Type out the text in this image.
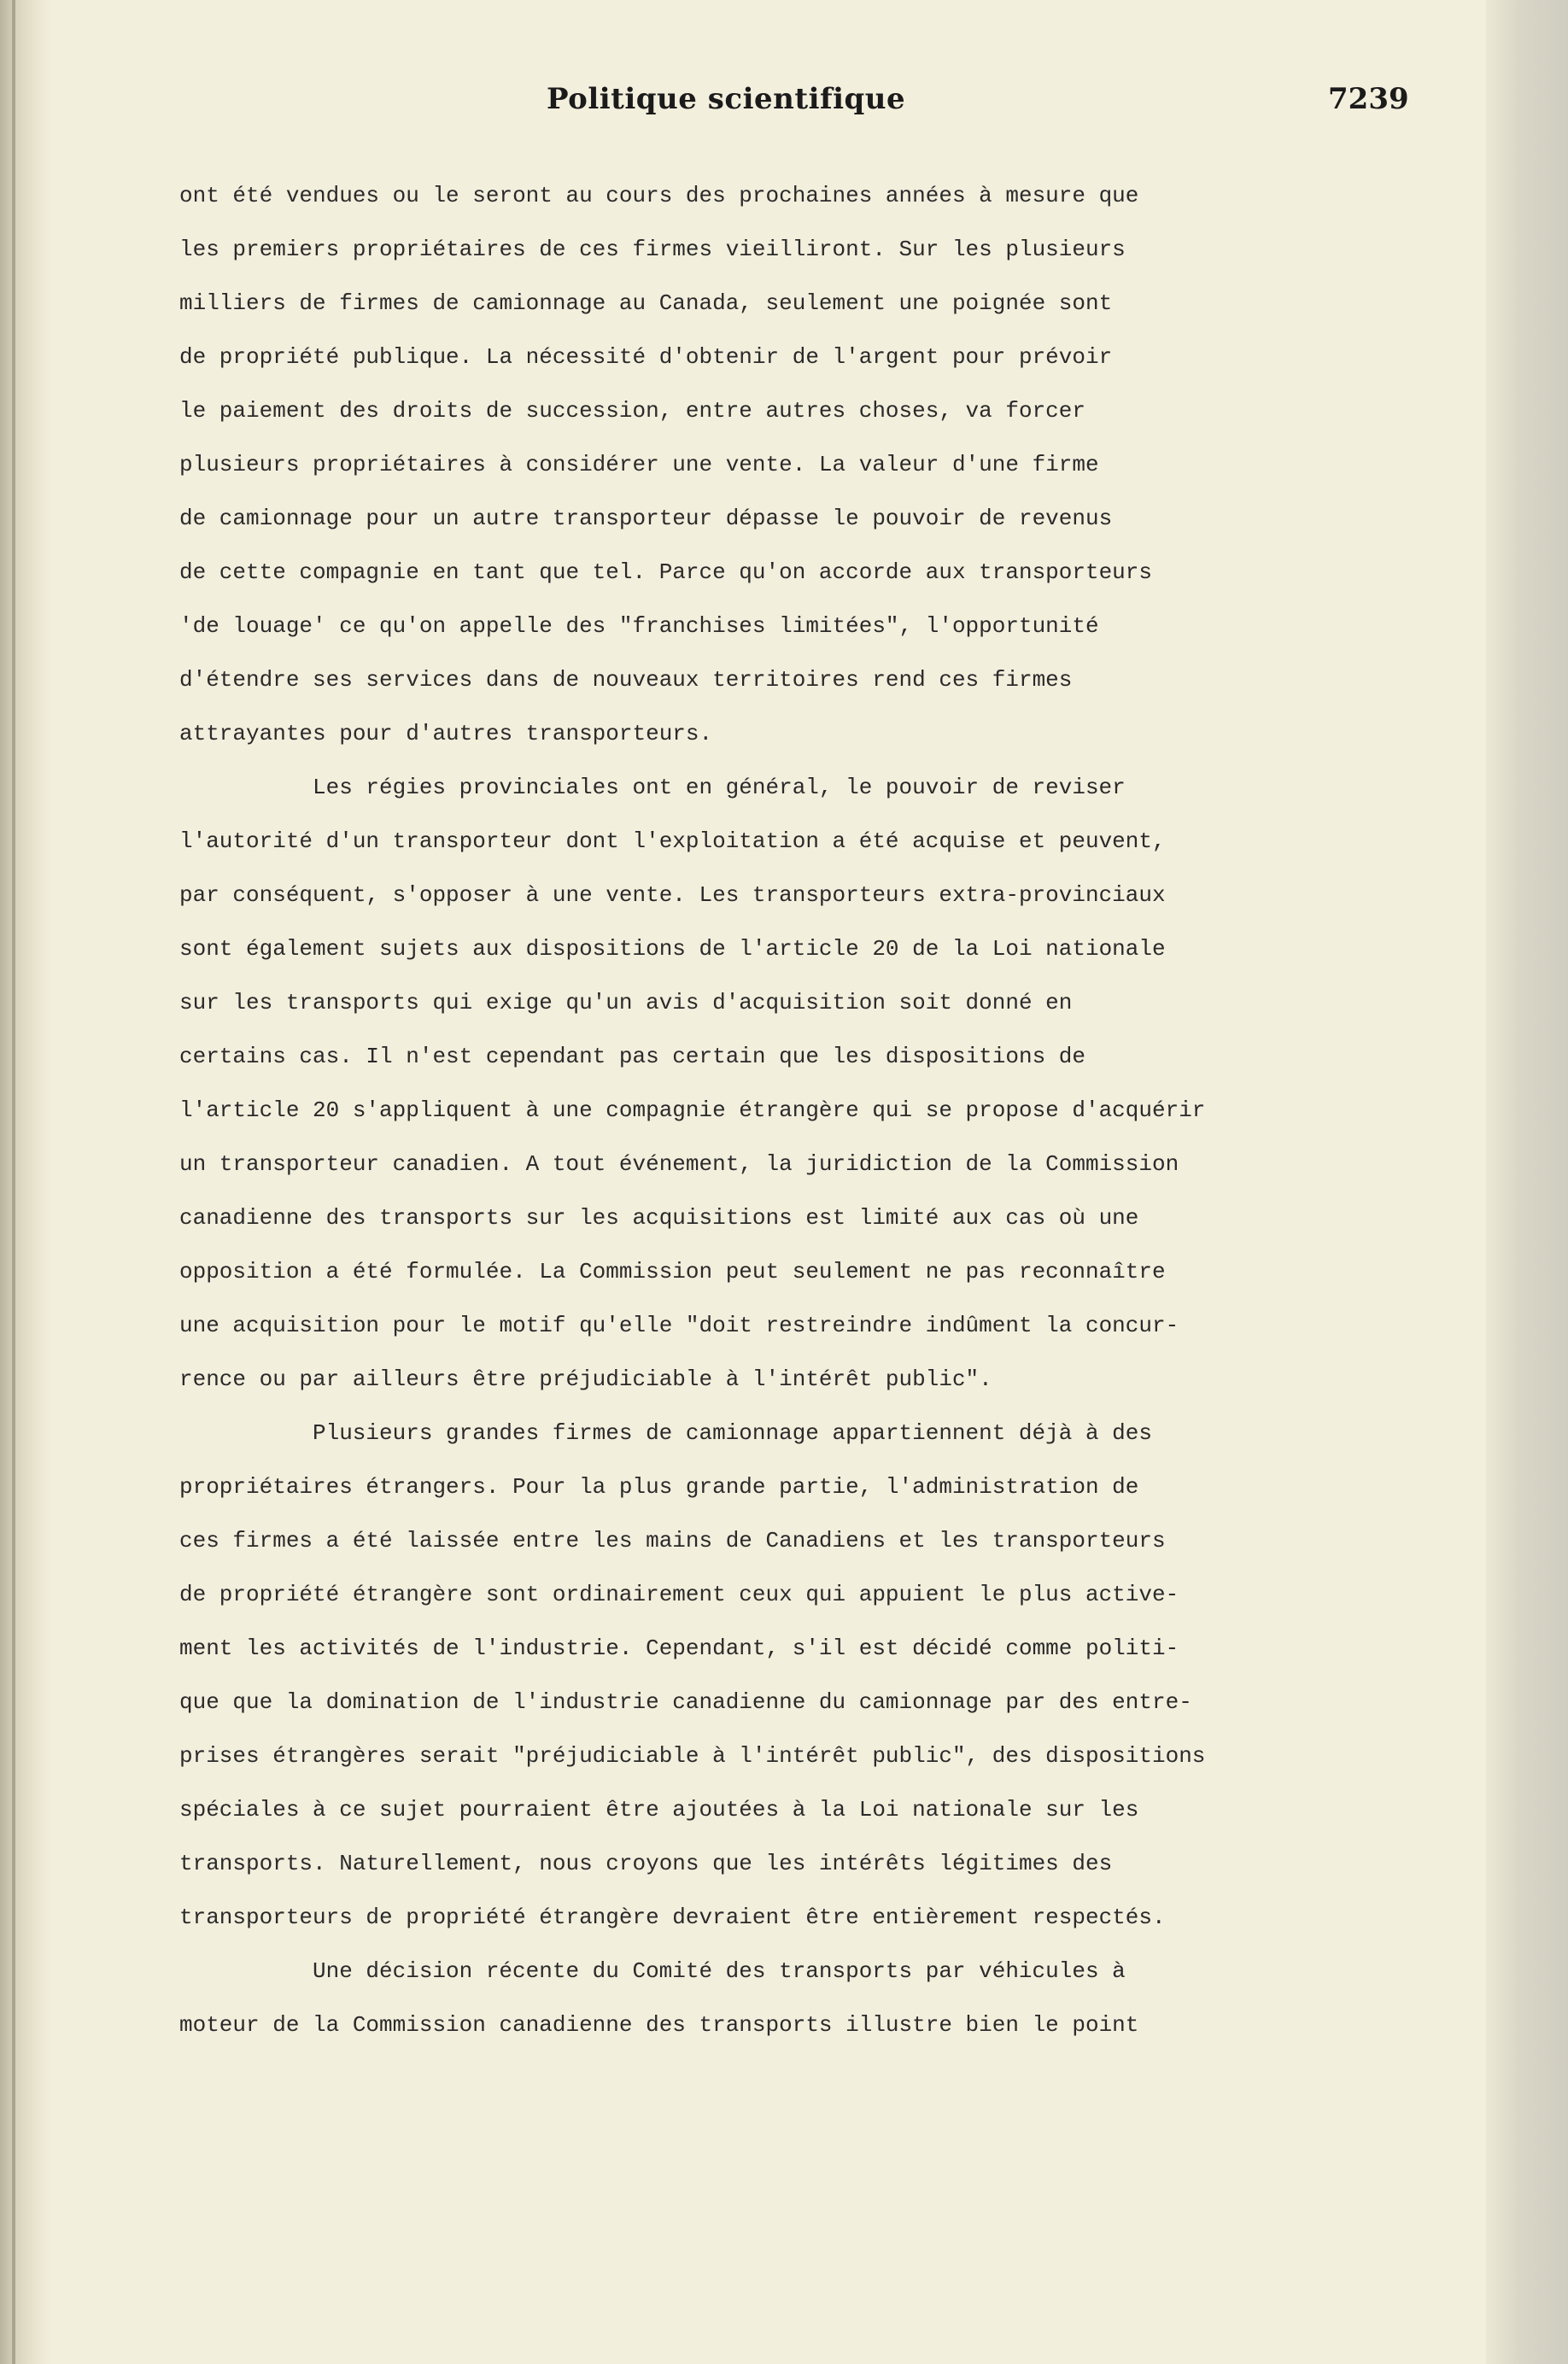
Politique scientifique	7239
ont été vendues ou le seront au cours des prochaines années à mesure que
les premiers propriétaires de ces firmes vieilliront. Sur les plusieurs
milliers de firmes de camionnage au Canada, seulement une poignée sont
de propriété publique. La nécessité d'obtenir de l'argent pour prévoir
le paiement des droits de succession, entre autres choses, va forcer
plusieurs propriétaires à considérer une vente. La valeur d'une firme
de camionnage pour un autre transporteur dépasse le pouvoir de revenus
de cette compagnie en tant que tel. Parce qu'on accorde aux transporteurs
'de louage' ce qu'on appelle des "franchises limitées", l'opportunité
d'étendre ses services dans de nouveaux territoires rend ces firmes
attrayantes pour d'autres transporteurs.
Les régies provinciales ont en général, le pouvoir de reviser
l'autorité d'un transporteur dont l'exploitation a été acquise et peuvent,
par conséquent, s'opposer à une vente. Les transporteurs extra-provinciaux
sont également sujets aux dispositions de l'article 20 de la Loi nationale
sur les transports qui exige qu'un avis d'acquisition soit donné en
certains cas. Il n'est cependant pas certain que les dispositions de
l'article 20 s'appliquent à une compagnie étrangère qui se propose d'acquérir
un transporteur canadien. A tout événement, la juridiction de la Commission
canadienne des transports sur les acquisitions est limité aux cas où une
opposition a été formulée. La Commission peut seulement ne pas reconnaître
une acquisition pour le motif qu'elle "doit restreindre indûment la concur-
rence ou par ailleurs être préjudiciable à l'intérêt public".
Plusieurs grandes firmes de camionnage appartiennent déjà à des
propriétaires étrangers. Pour la plus grande partie, l'administration de
ces firmes a été laissée entre les mains de Canadiens et les transporteurs
de propriété étrangère sont ordinairement ceux qui appuient le plus active-
ment les activités de l'industrie. Cependant, s'il est décidé comme politi-
que que la domination de l'industrie canadienne du camionnage par des entre-
prises étrangères serait "préjudiciable à l'intérêt public", des dispositions
spéciales à ce sujet pourraient être ajoutées à la Loi nationale sur les
transports. Naturellement, nous croyons que les intérêts légitimes des
transporteurs de propriété étrangère devraient être entièrement respectés.
Une décision récente du Comité des transports par véhicules à
moteur de la Commission canadienne des transports illustre bien le point
